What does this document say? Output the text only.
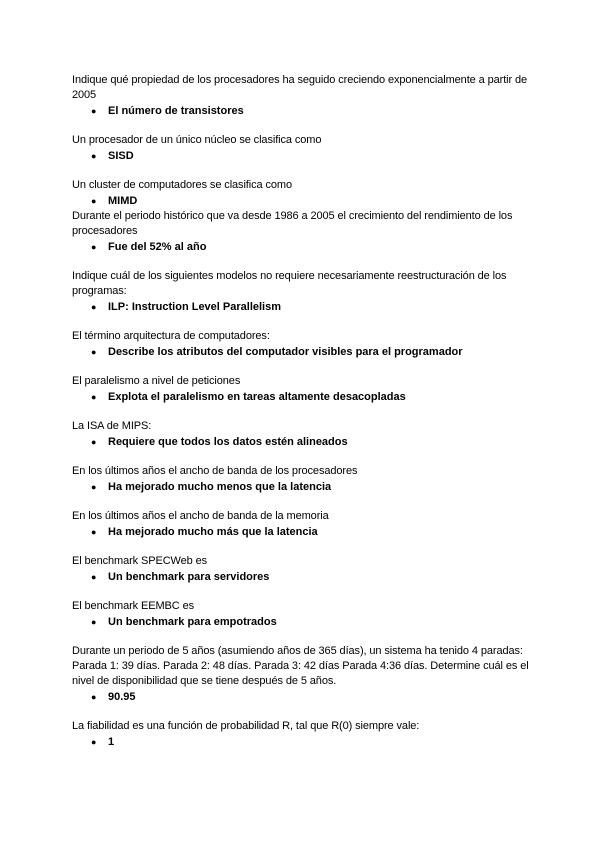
Indique qué propiedad de los procesadores ha seguido creciendo exponencialmente a partir de 2005

● El número de transistores

Un procesador de un único núcleo se clasifica como

● SISD

Un cluster de computadores se clasifica como

● MIMD

Durante el periodo histórico que va desde 1986 a 2005 el crecimiento del rendimiento de los procesadores

● Fue del 52% al año

Indique cuál de los siguientes modelos no requiere necesariamente reestructuración de los programas:

● ILP: Instruction Level Parallelism

El término arquitectura de computadores:

● Describe los atributos del computador visibles para el programador

El paralelismo a nivel de peticiones

● Explota el paralelismo en tareas altamente desacopladas

La ISA de MIPS:

● Requiere que todos los datos estén alineados

En los últimos años el ancho de banda de los procesadores

● Ha mejorado mucho menos que la latencia

En los últimos años el ancho de banda de la memoria

● Ha mejorado mucho más que la latencia

El benchmark SPECWeb es

● Un benchmark para servidores

El benchmark EEMBC es

● Un benchmark para empotrados

Durante un periodo de 5 años (asumiendo años de 365 días), un sistema ha tenido 4 paradas: Parada 1: 39 días. Parada 2: 48 días. Parada 3: 42 días Parada 4:36 días. Determine cuál es el nivel de disponibilidad que se tiene después de 5 años.

● 90.95

La fiabilidad es una función de probabilidad R, tal que R(0) siempre vale:

● 1
